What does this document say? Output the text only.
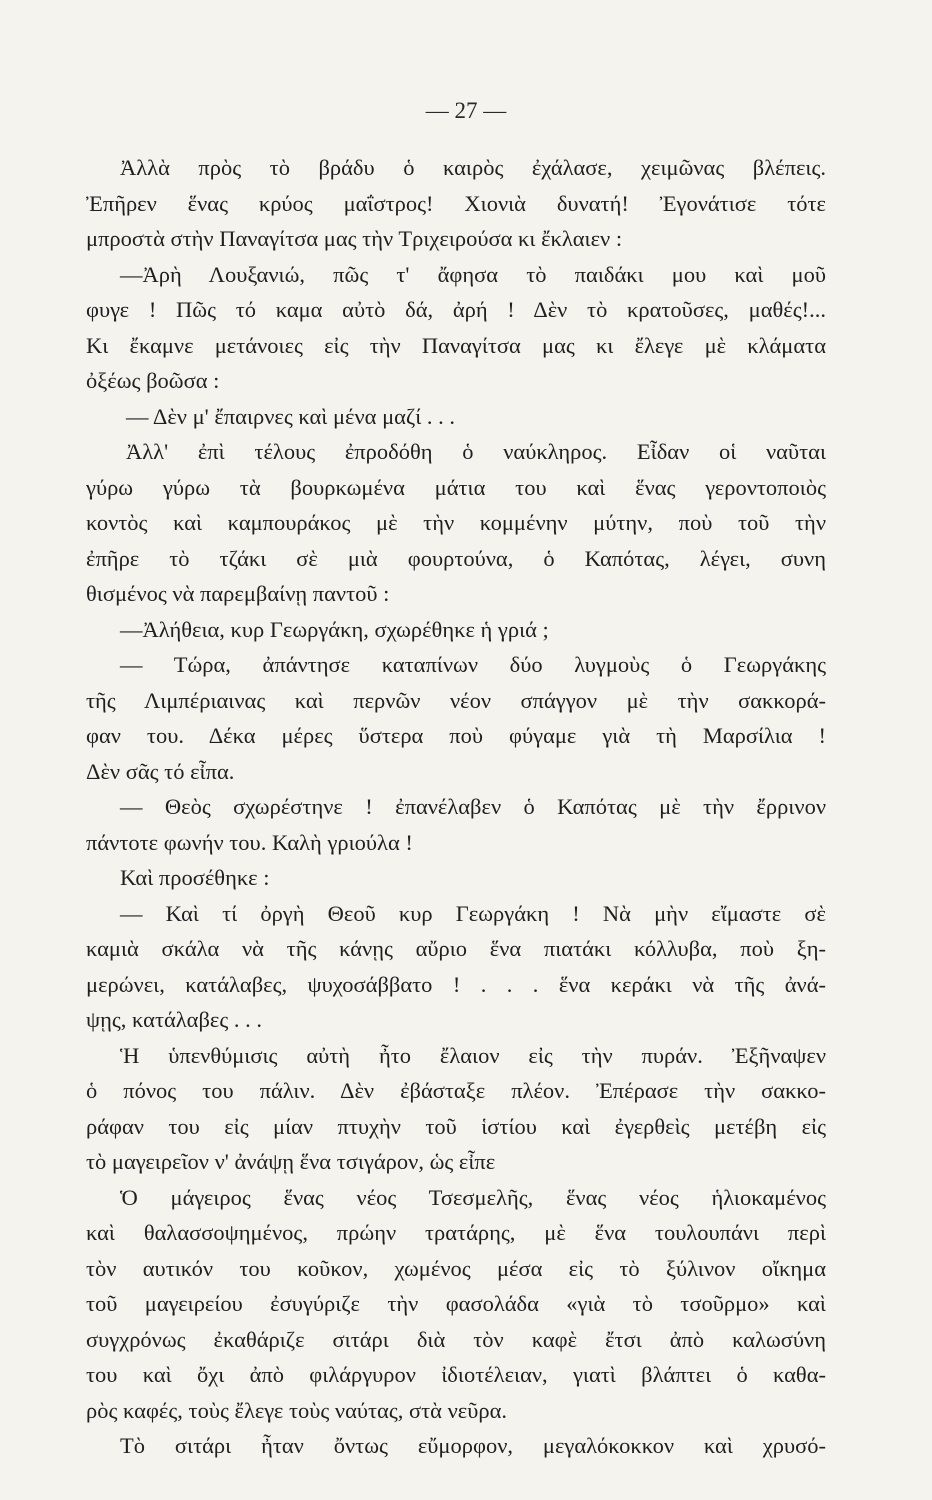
— 27 —
Ἀλλὰ πρὸς τὸ βράδυ ὁ καιρὸς ἐχάλασε, χειμῶνας βλέπεις.
Ἐπῆρεν ἕνας κρύος μαΐστρος! Χιονιὰ δυνατή! Ἐγονάτισε τότε
μπροστὰ στὴν Παναγίτσα μας τὴν Τριχειρούσα κι ἔκλαιεν :
—Ἀρὴ Λουξανιώ, πῶς τ' ἄφησα τὸ παιδάκι μου καὶ μοῦ
φυγε ! Πῶς τό καμα αὐτὸ δά, ἀρή ! Δὲν τὸ κρατοῦσες, μαθές!...
Κι ἔκαμνε μετάνοιες εἰς τὴν Παναγίτσα μας κι ἔλεγε μὲ κλάματα
ὀξέως βοῶσα :
— Δὲν μ' ἔπαιρνες καὶ μένα μαζί . . .
Ἀλλ' ἐπὶ τέλους ἐπροδόθη ὁ ναύκληρος. Εἶδαν οἱ ναῦται
γύρω γύρω τὰ βουρκωμένα μάτια του καὶ ἕνας γεροντοποιὸς
κοντὸς καὶ καμπουράκος μὲ τὴν κομμένην μύτην, ποὺ τοῦ τὴν
ἐπῆρε τὸ τζάκι σὲ μιὰ φουρτούνα, ὁ Καπότας, λέγει, συνη
θισμένος νὰ παρεμβαίνῃ παντοῦ :
—Ἀλήθεια, κυρ Γεωργάκη, σχωρέθηκε ἡ γριά ;
— Τώρα, ἀπάντησε καταπίνων δύο λυγμοὺς ὁ Γεωργάκης
τῆς Λιμπέριαινας καὶ περνῶν νέον σπάγγον μὲ τὴν σακκορά-
φαν του. Δέκα μέρες ὕστερα ποὺ φύγαμε γιὰ τὴ Μαρσίλια !
Δὲν σᾶς τό εἶπα.
— Θεὸς σχωρέστηνε ! ἐπανέλαβεν ὁ Καπότας μὲ τὴν ἔρρινον
πάντοτε φωνήν του. Καλὴ γριούλα !
Καὶ προσέθηκε :
— Καὶ τί ὀργὴ Θεοῦ κυρ Γεωργάκη ! Νὰ μὴν εἴμαστε σὲ
καμιὰ σκάλα νὰ τῆς κάνῃς αὔριο ἕνα πιατάκι κόλλυβα, ποὺ ξη-
μερώνει, κατάλαβες, ψυχοσάββατο ! . . . ἕνα κεράκι νὰ τῆς ἀνά-
ψῃς, κατάλαβες . . .
Ἡ ὑπενθύμισις αὐτὴ ἦτο ἔλαιον εἰς τὴν πυράν. Ἐξῆναψεν
ὁ πόνος του πάλιν. Δὲν ἐβάσταξε πλέον. Ἐπέρασε τὴν σακκο-
ράφαν του εἰς μίαν πτυχὴν τοῦ ἱστίου καὶ ἐγερθεὶς μετέβη εἰς
τὸ μαγειρεῖον ν' ἀνάψῃ ἕνα τσιγάρον, ὡς εἶπε
Ὁ μάγειρος ἕνας νέος Τσεσμελῆς, ἕνας νέος ἡλιοκαμένος
καὶ θαλασσοψημένος, πρώην τρατάρης, μὲ ἕνα τουλουπάνι περὶ
τὸν αυτικόν του κοῦκον, χωμένος μέσα εἰς τὸ ξύλινον οἴκημα
τοῦ μαγειρείου ἐσυγύριζε τὴν φασολάδα «γιὰ τὸ τσοῦρμο» καὶ
συγχρόνως ἐκαθάριζε σιτάρι διὰ τὸν καφὲ ἔτσι ἀπὸ καλωσύνη
του καὶ ὄχι ἀπὸ φιλάργυρον ἰδιοτέλειαν, γιατὶ βλάπτει ὁ καθα-
ρὸς καφές, τοὺς ἔλεγε τοὺς ναύτας, στὰ νεῦρα.
Τὸ σιτάρι ἦταν ὄντως εὔμορφον, μεγαλόκοκκον καὶ χρυσό-
